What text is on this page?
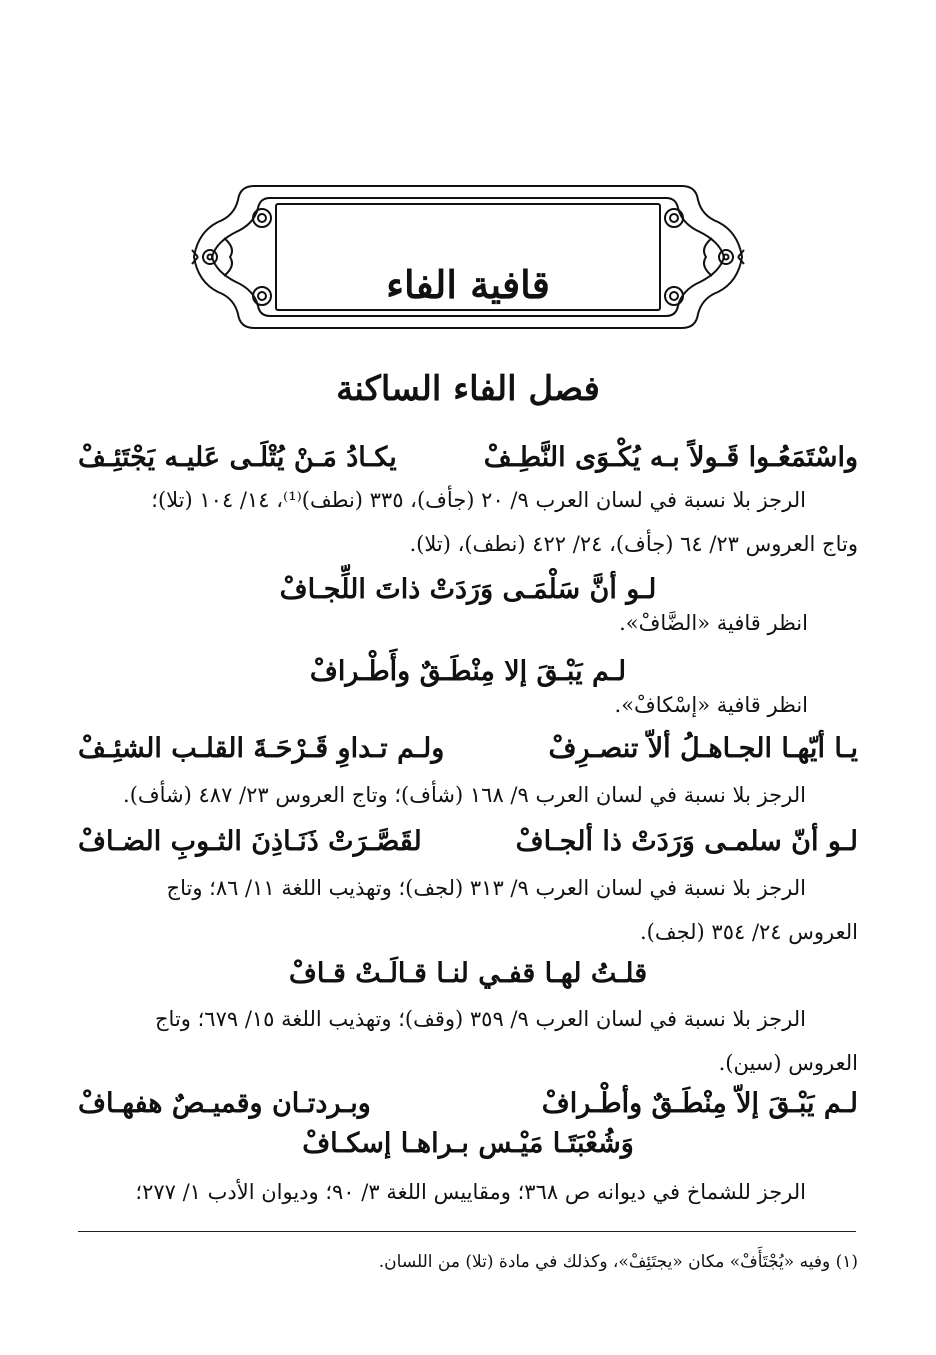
قافية الفاء
فصل الفاء الساكنة
واسْتَمَعُـوا قَـولاً بـه يُكْـوَى النَّطِـفْ
يكـادُ مَـنْ يُتْلَـى عَليـه يَجْتَئِـفْ
الرجز بلا نسبة في لسان العرب ٩/ ٢٠ (جأف)، ٣٣٥ (نطف)⁽¹⁾، ١٤/ ١٠٤ (تلا)؛
وتاج العروس ٢٣/ ٦٤ (جأف)، ٢٤/ ٤٢٢ (نطف)، (تلا).
لـو أنَّ سَلْمَـى وَرَدَتْ ذاتَ اللِّجـافْ
انظر قافية «الضَّافْ».
لـم يَبْـقَ إلا مِنْطَـقٌ وأَطْـرافْ
انظر قافية «إسْكافْ».
يـا أيّهـا الجـاهـلُ ألاّ تنصـرِفْ
ولـم تـداوِ قَـرْحَـةَ القلـب الشئِـفْ
الرجز بلا نسبة في لسان العرب ٩/ ١٦٨ (شأف)؛ وتاج العروس ٢٣/ ٤٨٧ (شأف).
لـو أنّ سلمـى وَرَدَتْ ذا ألجـافْ
لقَصَّـرَتْ ذَنَـاذِنَ الثـوبِ الضـافْ
الرجز بلا نسبة في لسان العرب ٩/ ٣١٣ (لجف)؛ وتهذيب اللغة ١١/ ٨٦؛ وتاج
العروس ٢٤/ ٣٥٤ (لجف).
قلـتُ لهـا قفـي لنـا قـالَـتْ قـافْ
الرجز بلا نسبة في لسان العرب ٩/ ٣٥٩ (وقف)؛ وتهذيب اللغة ١٥/ ٦٧٩؛ وتاج
العروس (سين).
لـم يَبْـقَ إلاّ مِنْطَـقٌ وأطْـرافْ
وبـردتـان وقميـصٌ هفهـافْ
وَشُعْبَتَـا مَيْـس بـراهـا إسكـافْ
الرجز للشماخ في ديوانه ص ٣٦٨؛ ومقاييس اللغة ٣/ ٩٠؛ وديوان الأدب ١/ ٢٧٧؛
(١) وفيه «يُجْتَأَفْ» مكان «يجتَئِفْ»، وكذلك في مادة (تلا) من اللسان.
